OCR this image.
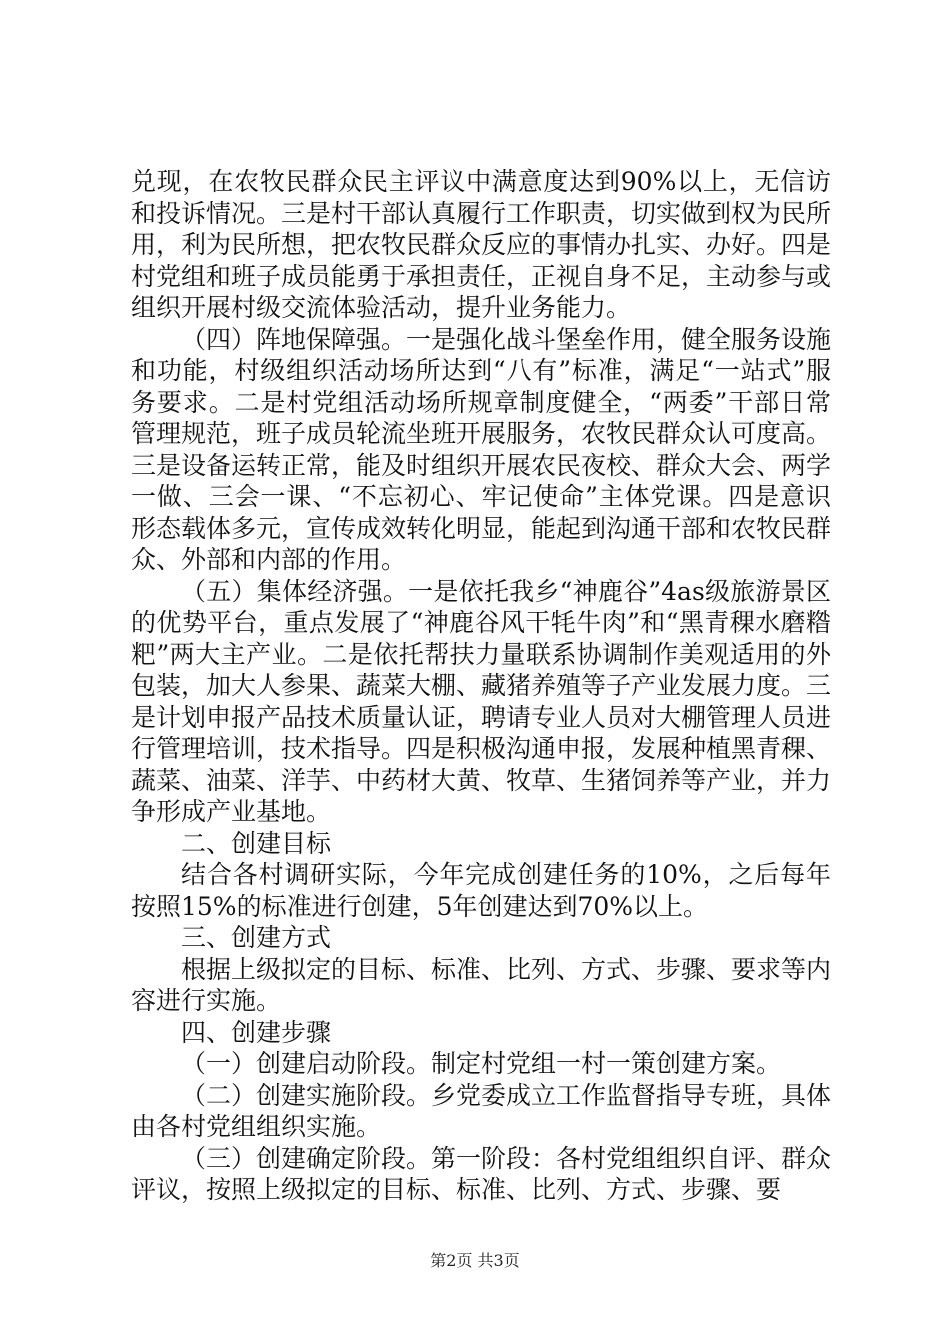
兑现，在农牧民群众民主评议中满意度达到90%以上，无信访和投诉情况。三是村干部认真履行工作职责，切实做到权为民所用，利为民所想，把农牧民群众反应的事情办扎实、办好。四是村党组和班子成员能勇于承担责任，正视自身不足，主动参与或组织开展村级交流体验活动，提升业务能力。

（四）阵地保障强。一是强化战斗堡垒作用，健全服务设施和功能，村级组织活动场所达到“八有”标准，满足“一站式”服务要求。二是村党组活动场所规章制度健全，“两委”干部日常管理规范，班子成员轮流坐班开展服务，农牧民群众认可度高。三是设备运转正常，能及时组织开展农民夜校、群众大会、两学一做、三会一课、“不忘初心、牢记使命”主体党课。四是意识形态载体多元，宣传成效转化明显，能起到沟通干部和农牧民群众、外部和内部的作用。

（五）集体经济强。一是依托我乡“神鹿谷”4as级旅游景区的优势平台，重点发展了“神鹿谷风干牦牛肉”和“黑青稞水磨糌粑”两大主产业。二是依托帮扶力量联系协调制作美观适用的外包装，加大人参果、蔬菜大棚、藏猪养殖等子产业发展力度。三是计划申报产品技术质量认证，聘请专业人员对大棚管理人员进行管理培训，技术指导。四是积极沟通申报，发展种植黑青稞、蔬菜、油菜、洋芋、中药材大黄、牧草、生猪饲养等产业，并力争形成产业基地。

二、创建目标

结合各村调研实际，今年完成创建任务的10%，之后每年按照15%的标准进行创建，5年创建达到70%以上。

三、创建方式

根据上级拟定的目标、标准、比列、方式、步骤、要求等内容进行实施。

四、创建步骤

（一）创建启动阶段。制定村党组一村一策创建方案。

（二）创建实施阶段。乡党委成立工作监督指导专班，具体由各村党组组织实施。

（三）创建确定阶段。第一阶段：各村党组组织自评、群众评议，按照上级拟定的目标、标准、比列、方式、步骤、要

第2页 共3页
